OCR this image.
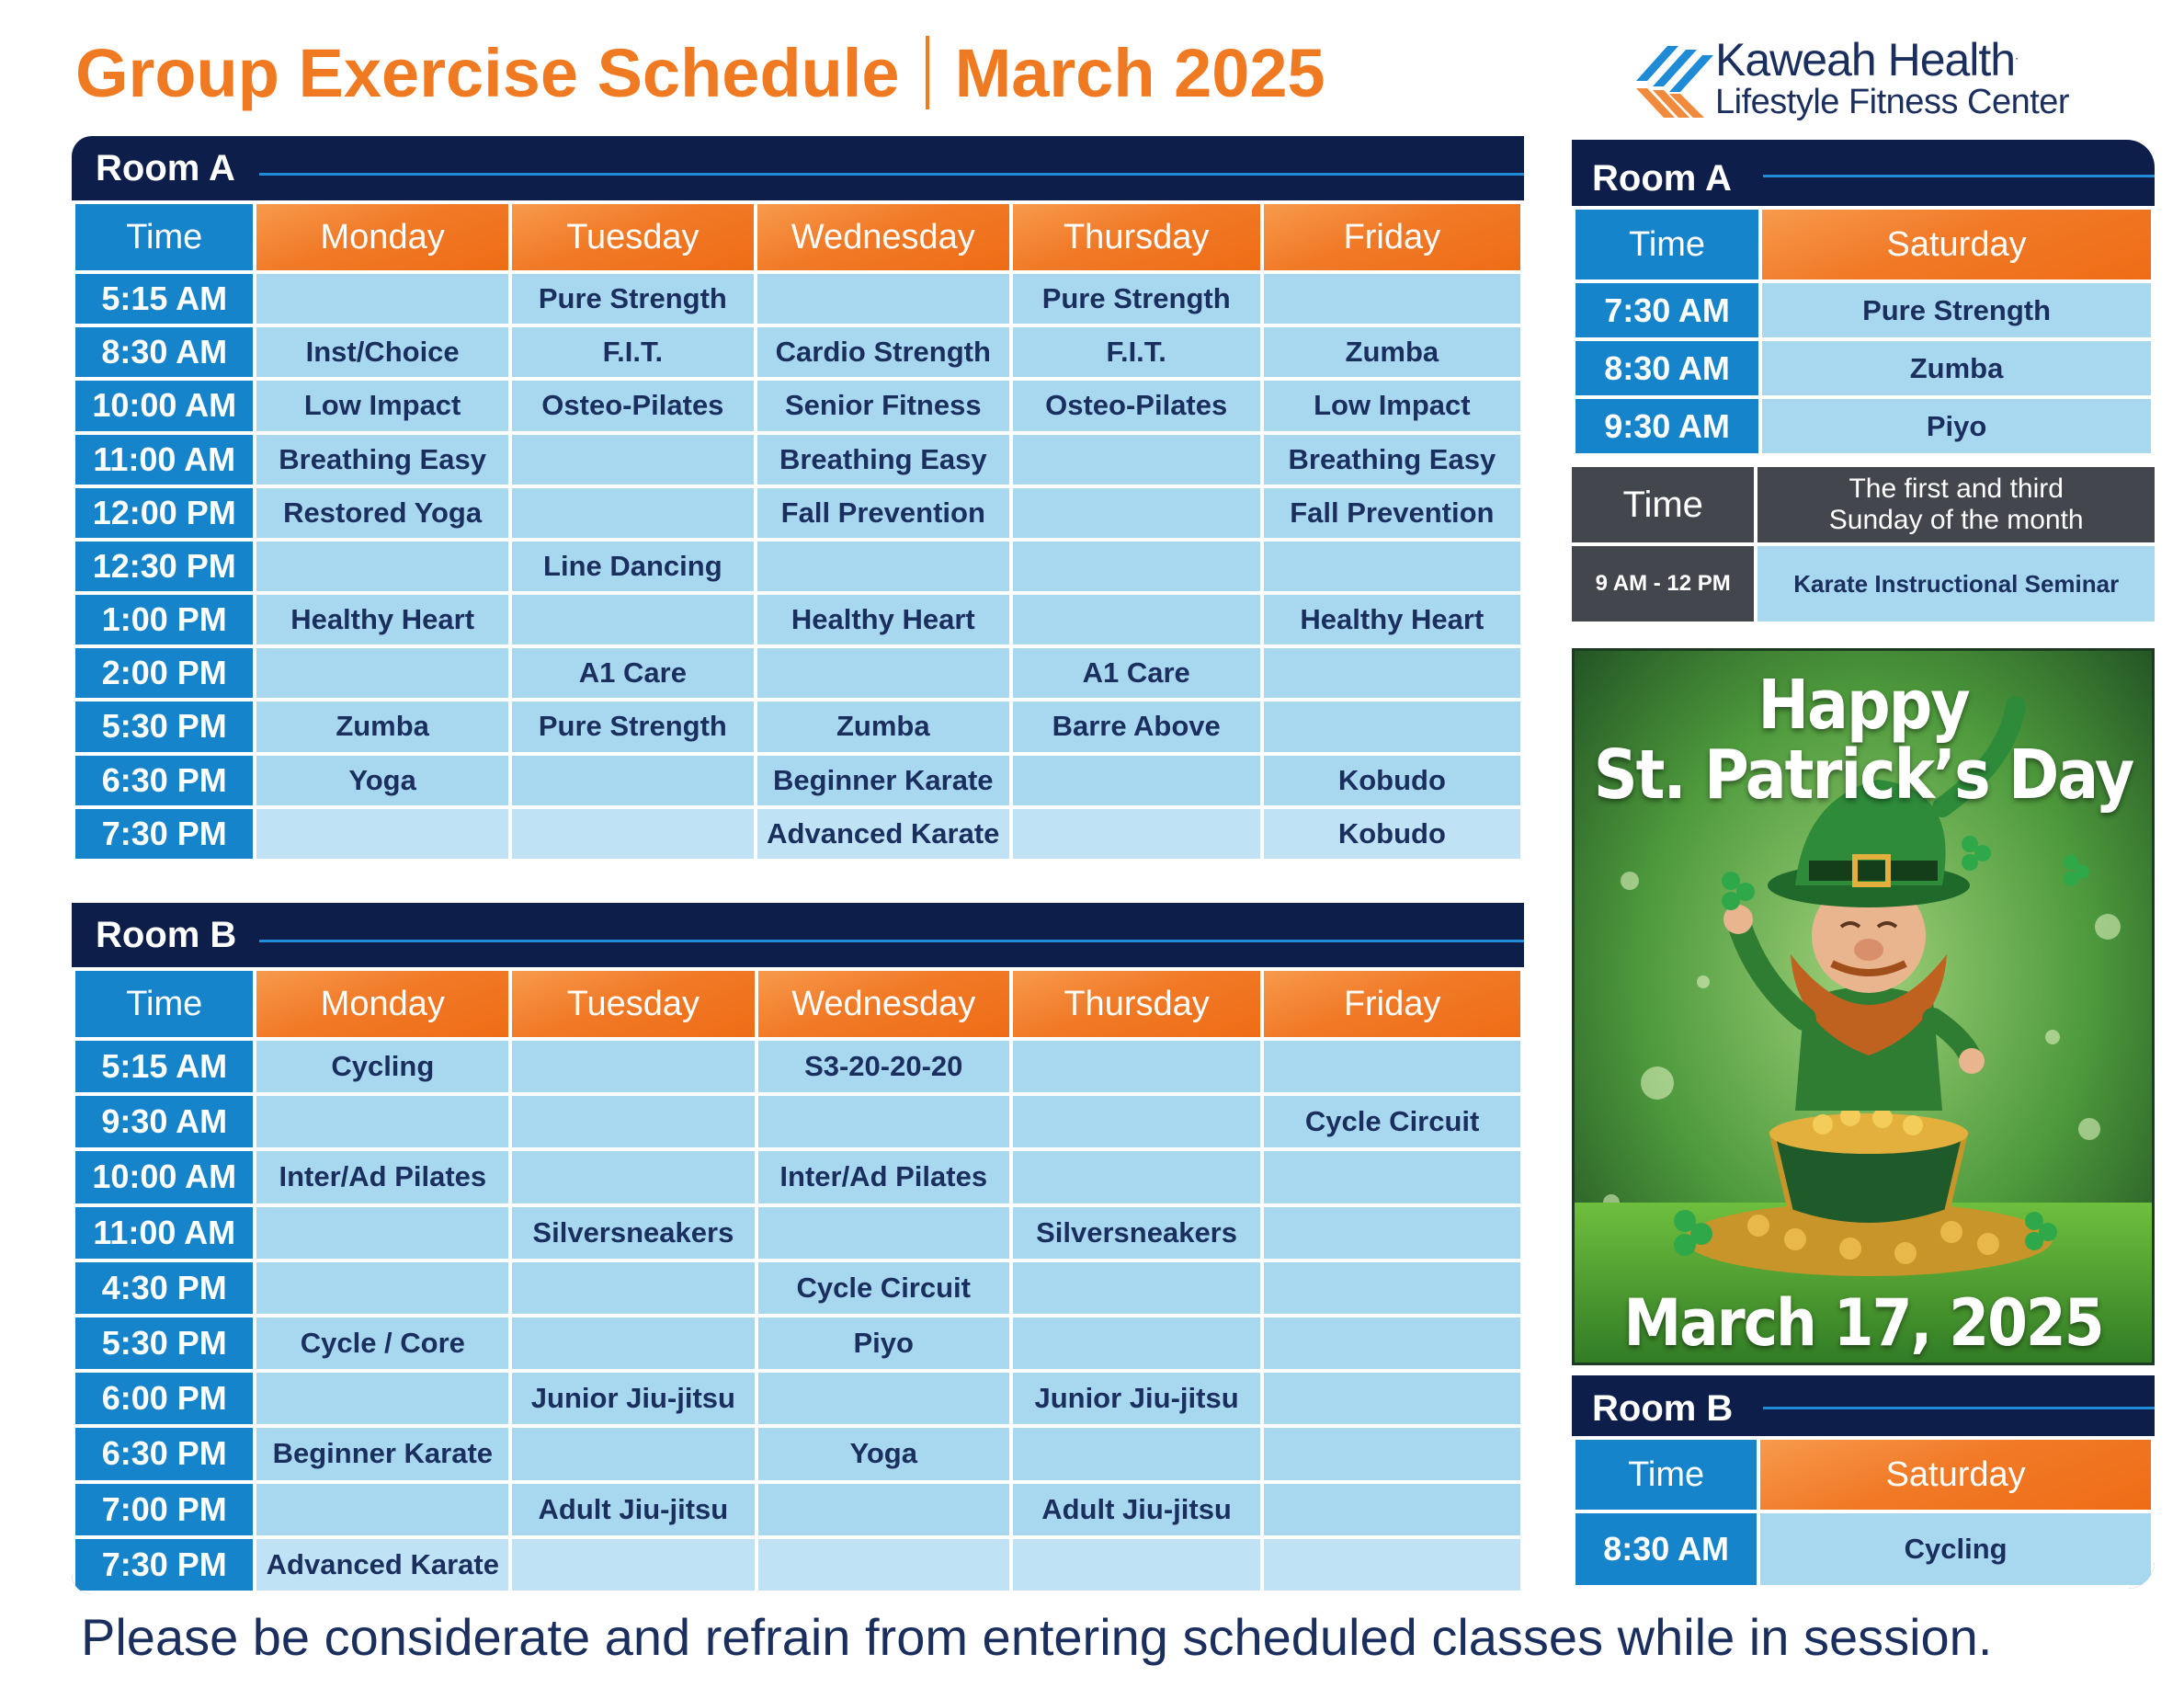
Group Exercise Schedule March 2025	Kaweah Health.
Lifestyle Fitness Center
Room A
Time	Monday	Tuesday	Wednesday	Thursday	Friday
5:15 AM		Pure Strength		Pure Strength	
8:30 AM	Inst/Choice	F.I.T.	Cardio Strength	F.I.T.	Zumba
10:00 AM	Low Impact	Osteo-Pilates	Senior Fitness	Osteo-Pilates	Low Impact
11:00 AM	Breathing Easy		Breathing Easy		Breathing Easy
12:00 PM	Restored Yoga		Fall Prevention		Fall Prevention
12:30 PM		Line Dancing			
1:00 PM	Healthy Heart		Healthy Heart		Healthy Heart
2:00 PM		A1 Care		A1 Care	
5:30 PM	Zumba	Pure Strength	Zumba	Barre Above	
6:30 PM	Yoga		Beginner Karate		Kobudo
7:30 PM			Advanced Karate		Kobudo
Room B
Time	Monday	Tuesday	Wednesday	Thursday	Friday
5:15 AM	Cycling		S3-20-20-20		
9:30 AM					Cycle Circuit
10:00 AM	Inter/Ad Pilates		Inter/Ad Pilates		
11:00 AM		Silversneakers		Silversneakers	
4:30 PM			Cycle Circuit		
5:30 PM	Cycle / Core		Piyo		
6:00 PM		Junior Jiu-jitsu		Junior Jiu-jitsu	
6:30 PM	Beginner Karate		Yoga		
7:00 PM		Adult Jiu-jitsu		Adult Jiu-jitsu	
7:30 PM	Advanced Karate				
Room A
Time	Saturday
7:30 AM	Pure Strength
8:30 AM	Zumba
9:30 AM	Piyo
Time	The first and third
Sunday of the month

9 AM - 12 PM	Karate Instructional Seminar
Happy
St. Patrick’s Day
March 17, 2025
Room B
Time	Saturday
8:30 AM	Cycling
Please be considerate and refrain from entering scheduled classes while in session.
